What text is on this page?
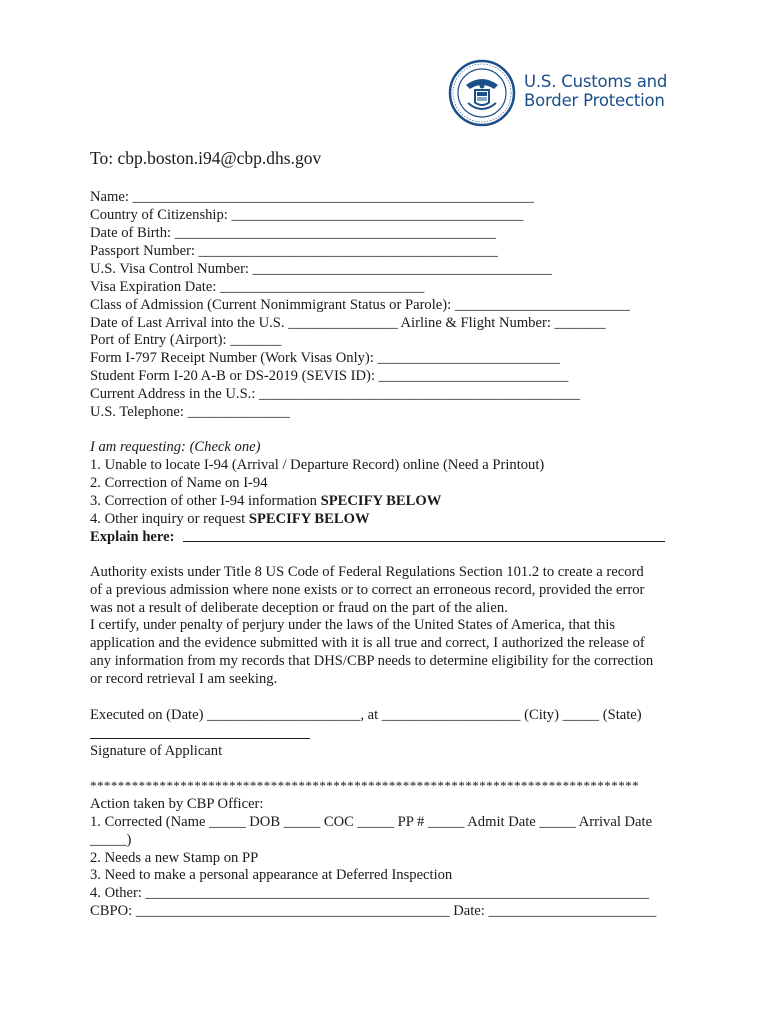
U.S. Customs and
Border Protection
To: cbp.boston.i94@cbp.dhs.gov
Name: _______________________________________________________
Country of Citizenship: ________________________________________
Date of Birth: ____________________________________________
Passport Number: _________________________________________
U.S. Visa Control Number: _________________________________________
Visa Expiration Date: ____________________________
Class of Admission (Current Nonimmigrant Status or Parole): ________________________
Date of Last Arrival into the U.S. _______________ Airline & Flight Number: _______
Port of Entry (Airport): _______
Form I-797 Receipt Number (Work Visas Only): _________________________
Student Form I-20 A-B or DS-2019 (SEVIS ID): __________________________
Current Address in the U.S.: ____________________________________________
U.S. Telephone: ______________
I am requesting: (Check one)
1. Unable to locate I-94 (Arrival / Departure Record) online (Need a Printout)
2. Correction of Name on I-94
3. Correction of other I-94 information SPECIFY BELOW
4. Other inquiry or request SPECIFY BELOW
Explain here:
Authority exists under Title 8 US Code of Federal Regulations Section 101.2 to create a record
of a previous admission where none exists or to correct an erroneous record, provided the error
was not a result of deliberate deception or fraud on the part of the alien.
I certify, under penalty of perjury under the laws of the United States of America, that this
application and the evidence submitted with it is all true and correct, I authorized the release of
any information from my records that DHS/CBP needs to determine eligibility for the correction
or record retrieval I am seeking.
Executed on (Date) _____________________, at ___________________ (City) _____ (State)
Signature of Applicant
*******************************************************************************
Action taken by CBP Officer:
1. Corrected (Name _____ DOB _____ COC _____ PP # _____ Admit Date _____ Arrival Date
_____)
2. Needs a new Stamp on PP
3. Need to make a personal appearance at Deferred Inspection
4. Other: _____________________________________________________________________
CBPO: ___________________________________________ Date: _______________________
